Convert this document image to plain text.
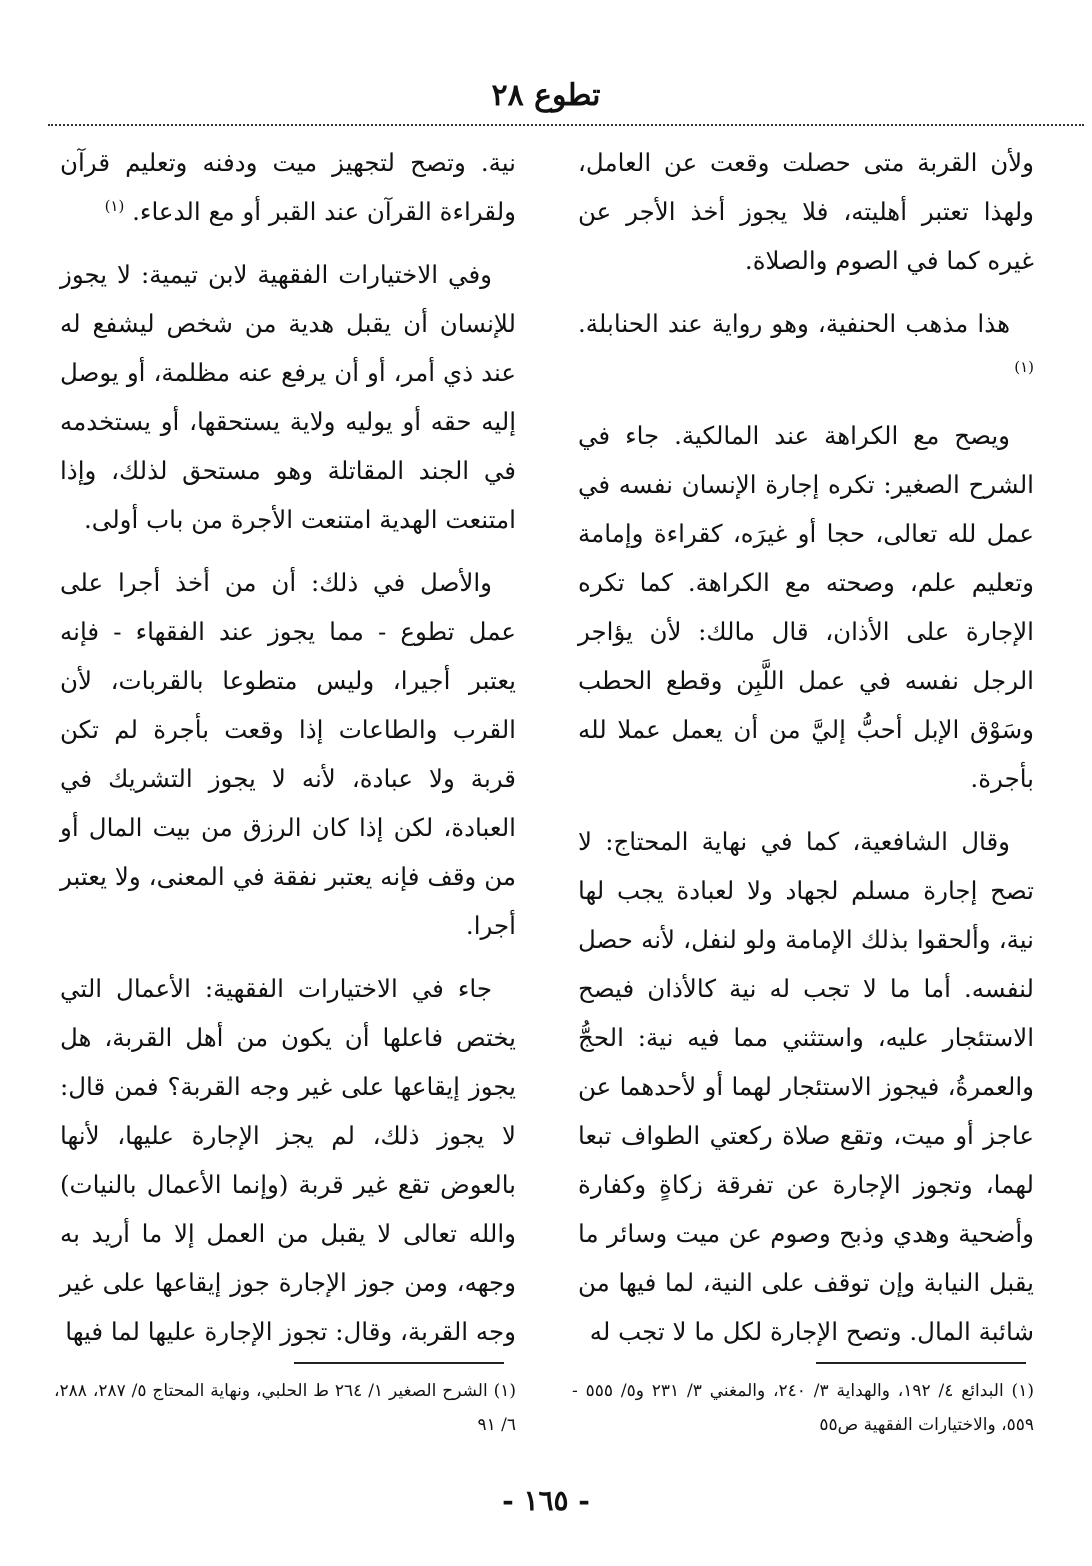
تطوع ٢٨

ولأن القربة متى حصلت وقعت عن العامل، ولهذا تعتبر أهليته، فلا يجوز أخذ الأجر عن غيره كما في الصوم والصلاة.

هذا مذهب الحنفية، وهو رواية عند الحنابلة. $^{(١)}$

ويصح مع الكراهة عند المالكية. جاء في الشرح الصغير: تكره إجارة الإنسان نفسه في عمل لله تعالى، حجا أو غيرَه، كقراءة وإمامة وتعليم علم، وصحته مع الكراهة. كما تكره الإجارة على الأذان، قال مالك: لأن يؤاجر الرجل نفسه في عمل اللَّبِن وقطع الحطب وسَوْق الإبل أحبُّ إليَّ من أن يعمل عملا لله بأجرة.

وقال الشافعية، كما في نهاية المحتاج: لا تصح إجارة مسلم لجهاد ولا لعبادة يجب لها نية، وألحقوا بذلك الإمامة ولو لنفل، لأنه حصل لنفسه. أما ما لا تجب له نية كالأذان فيصح الاستئجار عليه، واستثني مما فيه نية: الحجُّ والعمرةُ، فيجوز الاستئجار لهما أو لأحدهما عن عاجز أو ميت، وتقع صلاة ركعتي الطواف تبعا لهما، وتجوز الإجارة عن تفرقة زكاةٍ وكفارة وأضحية وهدي وذبح وصوم عن ميت وسائر ما يقبل النيابة وإن توقف على النية، لما فيها من شائبة المال. وتصح الإجارة لكل ما لا تجب له

نية. وتصح لتجهيز ميت ودفنه وتعليم قرآن ولقراءة القرآن عند القبر أو مع الدعاء. $^{(١)}$

وفي الاختيارات الفقهية لابن تيمية: لا يجوز للإنسان أن يقبل هدية من شخص ليشفع له عند ذي أمر، أو أن يرفع عنه مظلمة، أو يوصل إليه حقه أو يوليه ولاية يستحقها، أو يستخدمه في الجند المقاتلة وهو مستحق لذلك، وإذا امتنعت الهدية امتنعت الأجرة من باب أولى.

والأصل في ذلك: أن من أخذ أجرا على عمل تطوع - مما يجوز عند الفقهاء - فإنه يعتبر أجيرا، وليس متطوعا بالقربات، لأن القرب والطاعات إذا وقعت بأجرة لم تكن قربة ولا عبادة، لأنه لا يجوز التشريك في العبادة، لكن إذا كان الرزق من بيت المال أو من وقف فإنه يعتبر نفقة في المعنى، ولا يعتبر أجرا.

جاء في الاختيارات الفقهية: الأعمال التي يختص فاعلها أن يكون من أهل القربة، هل يجوز إيقاعها على غير وجه القربة؟ فمن قال: لا يجوز ذلك، لم يجز الإجارة عليها، لأنها بالعوض تقع غير قربة (وإنما الأعمال بالنيات) والله تعالى لا يقبل من العمل إلا ما أريد به وجهه، ومن جوز الإجارة جوز إيقاعها على غير وجه القربة، وقال: تجوز الإجارة عليها لما فيها

(١) البدائع ٤/ ١٩٢، والهداية ٣/ ٢٤٠، والمغني ٣/ ٢٣١ و٥/ ٥٥٥ - ٥٥٩، والاختيارات الفقهية ص٥٥
(١) الشرح الصغير ١/ ٢٦٤ ط الحلبي، ونهاية المحتاج ٥/ ٢٨٧، ٢٨٨، ٦/ ٩١
- ١٦٥ -
